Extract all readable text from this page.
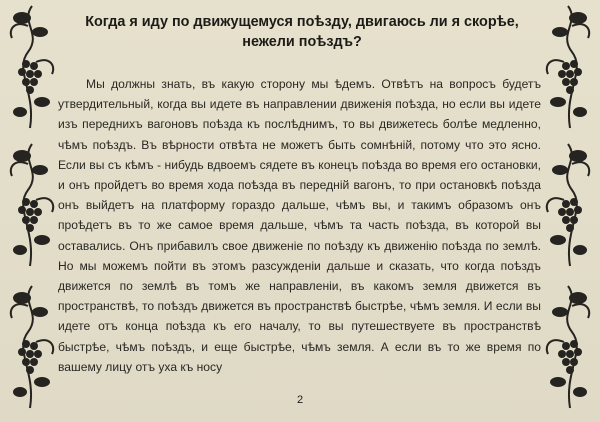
Когда я иду по движущемуся поѣзду, двигаюсь ли я скорѣе, нежели поѣздъ?

Мы должны знать, въ какую сторону мы ѣдемъ. Отвѣтъ на вопросъ будетъ утвердительный, когда вы идете въ направлении движенія поѣзда, но если вы идете изъ переднихъ вагоновъ поѣзда къ послѣднимъ, то вы движетесь болѣе медленно, чѣмъ поѣздъ. Въ вѣрности отвѣта не можетъ быть сомнѣній, потому что это ясно. Если вы съ кѣмъ - нибудь вдвоемъ сядете въ конецъ поѣзда во время его остановки, и онъ пройдетъ во время хода поѣзда въ передній вагонъ, то при остановкѣ поѣзда онъ выйдетъ на платформу гораздо дальше, чѣмъ вы, и такимъ образомъ онъ проѣдетъ въ то же самое время дальше, чѣмъ та часть поѣзда, въ которой вы оставались. Онъ прибавилъ свое движеніе по поѣзду къ движенію поѣзда по землѣ. Но мы можемъ пойти въ этомъ разсужденіи дальше и сказать, что когда поѣздъ движется по землѣ въ томъ же направленіи, въ какомъ земля движется въ пространствѣ, то поѣздъ движется въ пространствѣ быстрѣе, чѣмъ земля. И если вы идете отъ конца поѣзда къ его началу, то вы путешествуете въ пространствѣ быстрѣе, чѣмъ поѣздъ, и еще быстрѣе, чѣмъ земля. А если въ то же время по вашему лицу отъ уха къ носу

2
